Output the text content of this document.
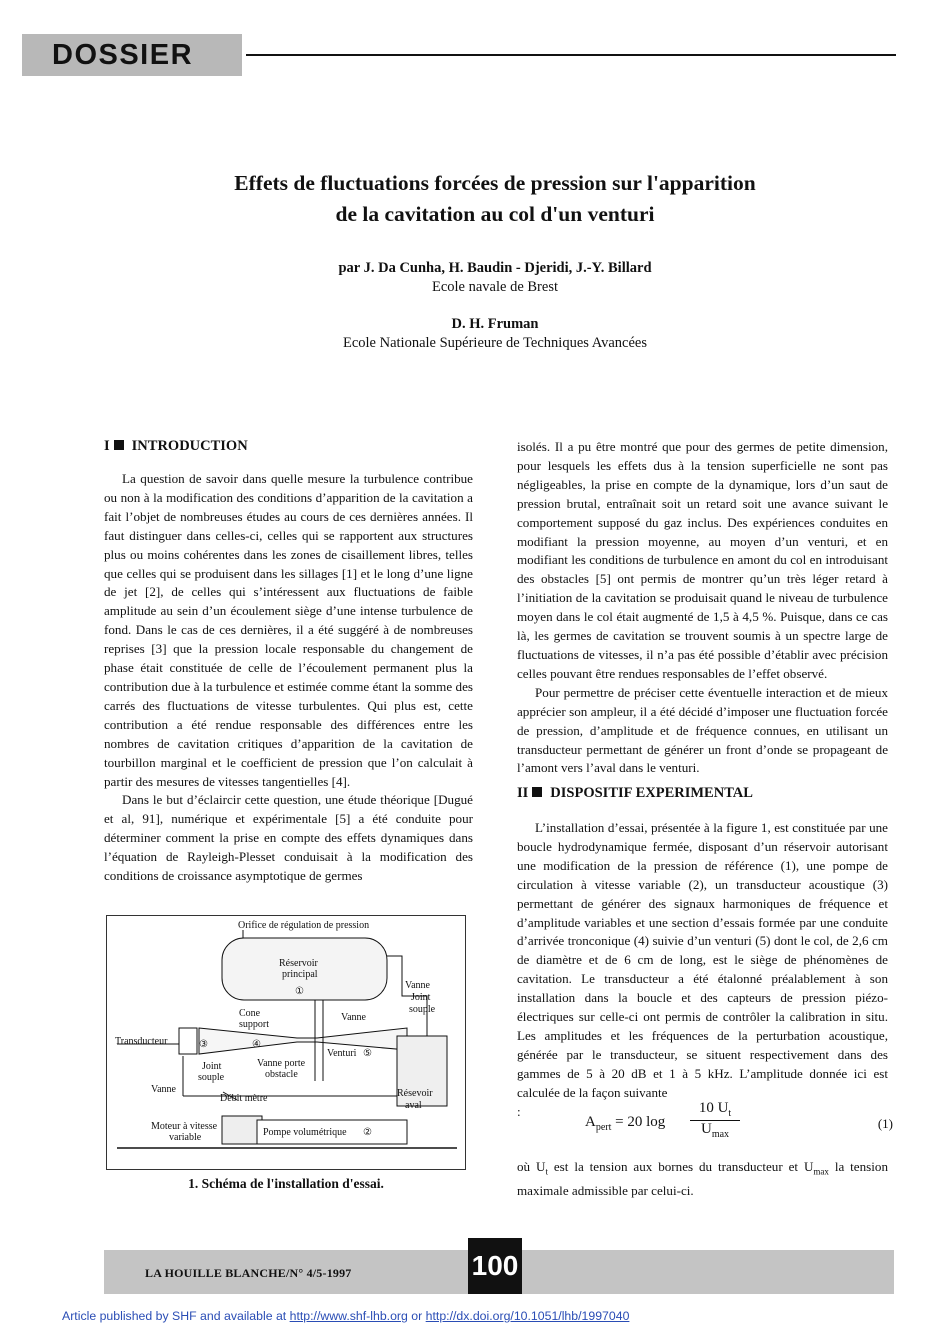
DOSSIER
Effets de fluctuations forcées de pression sur l'apparition
de la cavitation au col d'un venturi
par J. Da Cunha, H. Baudin - Djeridi, J.-Y. Billard
Ecole navale de Brest
D. H. Fruman
Ecole Nationale Supérieure de Techniques Avancées
I INTRODUCTION

La question de savoir dans quelle mesure la turbulence contribue ou non à la modification des conditions d’apparition de la cavitation a fait l’objet de nombreuses études au cours de ces dernières années. Il faut distinguer dans celles-ci, celles qui se rapportent aux structures plus ou moins cohérentes dans les zones de cisaillement libres, telles que celles qui se produisent dans les sillages [1] et le long d’une ligne de jet [2], de celles qui s’intéressent aux fluctuations de faible amplitude au sein d’un écoulement siège d’une intense turbulence de fond. Dans le cas de ces dernières, il a été suggéré à de nombreuses reprises [3] que la pression locale responsable du changement de phase était constituée de celle de l’écoulement permanent plus la contribution due à la turbulence et estimée comme étant la somme des carrés des fluctuations de vitesse turbulentes. Qui plus est, cette contribution a été rendue responsable des différences entre les nombres de cavitation critiques d’apparition de la cavitation de tourbillon marginal et le coefficient de pression que l’on calculait à partir des mesures de vitesses tangentielles [4].

Dans le but d’éclaircir cette question, une étude théorique [Dugué et al, 91], numérique et expérimentale [5] a été conduite pour déterminer comment la prise en compte des effets dynamiques dans l’équation de Rayleigh-Plesset conduisait à la modification des conditions de croissance asymptotique de germes

Orifice de régulation de pression
Réservoir
principal
①
Vanne
Joint
souple
Cone
support
Vanne
Transducteur	③	④
Venturi ⑤
Vanne porte
obstacle
Joint
souple
Vanne
Débit mètre	Résevoir
aval
Moteur à vitesse
variable	Pompe volumétrique ②
1. Schéma de l'installation d'essai.

isolés. Il a pu être montré que pour des germes de petite dimension, pour lesquels les effets dus à la tension superficielle ne sont pas négligeables, la prise en compte de la dynamique, lors d’un saut de pression brutal, entraînait soit un retard soit une avance suivant le comportement supposé du gaz inclus. Des expériences conduites en modifiant la pression moyenne, au moyen d’un venturi, et en modifiant les conditions de turbulence en amont du col en introduisant des obstacles [5] ont permis de montrer qu’un très léger retard à l’initiation de la cavitation se produisait quand le niveau de turbulence moyen dans le col était augmenté de 1,5 à 4,5 %. Puisque, dans ce cas là, les germes de cavitation se trouvent soumis à un spectre large de fluctuations de vitesses, il n’a pas été possible d’établir avec précision celles pouvant être rendues responsables de l’effet observé.

Pour permettre de préciser cette éventuelle interaction et de mieux apprécier son ampleur, il a été décidé d’imposer une fluctuation forcée de pression, d’amplitude et de fréquence connues, en utilisant un transducteur permettant de générer un front d’onde se propageant de l’amont vers l’aval dans le venturi.

II DISPOSITIF EXPERIMENTAL

L’installation d’essai, présentée à la figure 1, est constituée par une boucle hydrodynamique fermée, disposant d’un réservoir autorisant une modification de la pression de référence (1), une pompe de circulation à vitesse variable (2), un transducteur acoustique (3) permettant de générer des signaux harmoniques de fréquence et d’amplitude variables et une section d’essais formée par une conduite d’arrivée tronconique (4) suivie d’un venturi (5) dont le col, de 2,6 cm de diamètre et de 6 cm de long, est le siège de phénomènes de cavitation. Le transducteur a été étalonné préalablement à son installation dans la boucle et des capteurs de pression piézo-électriques sur celle-ci ont permis de contrôler la calibration in situ. Les amplitudes et les fréquences de la perturbation acoustique, générée par le transducteur, se situent respectivement dans des gammes de 5 à 20 dB et 1 à 5 kHz. L’amplitude donnée ici est calculée de la façon suivante

:

$A_{pert} = 20$ log
10 $U_t$
$U_{max}$
(1)

où $U_t$ est la tension aux bornes du transducteur et $U_{max}$ la tension maximale admissible par celui-ci.

LA HOUILLE BLANCHE/N° 4/5-1997	100
Article published by SHF and available at http://www.shf-lhb.org or http://dx.doi.org/10.1051/lhb/1997040
